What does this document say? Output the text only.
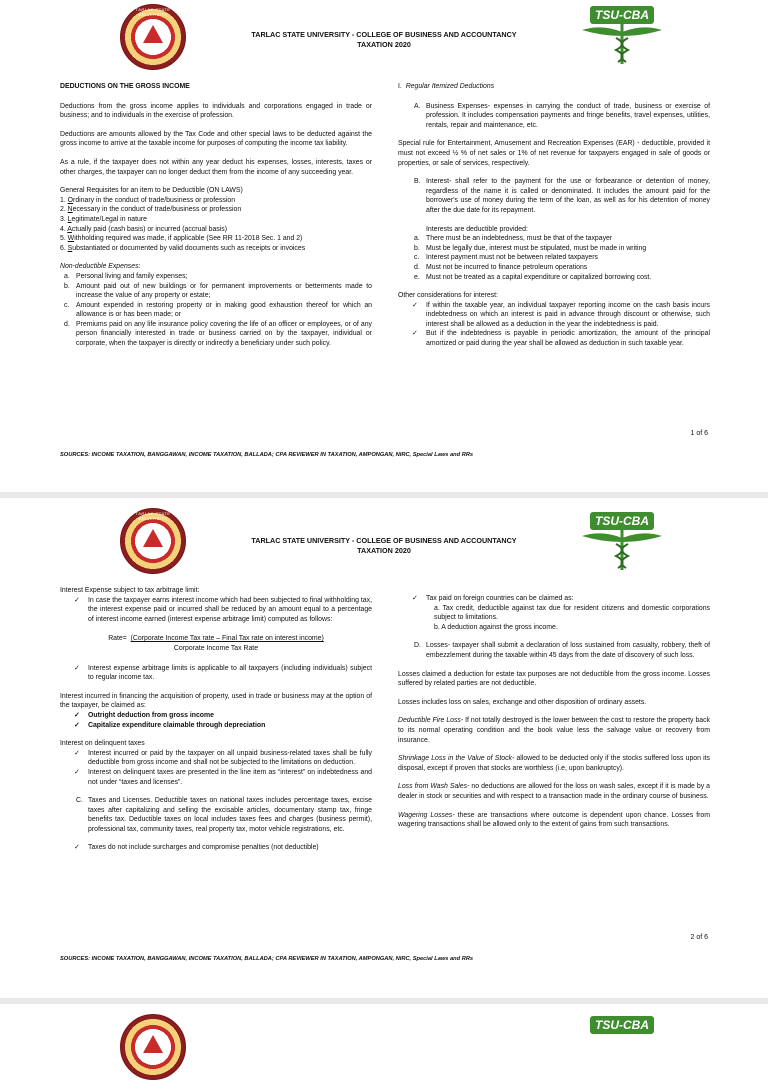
TARLAC STATE UNIVERSITY	TSU-CBA
TARLAC STATE UNIVERSITY - COLLEGE OF BUSINESS AND ACCOUNTANCY
TAXATION 2020

DEDUCTIONS ON THE GROSS INCOME

Deductions from the gross income applies to individuals and corporations engaged in trade or business; and to individuals in the exercise of profession.

Deductions are amounts allowed by the Tax Code and other special laws to be deducted against the gross income to arrive at the taxable income for purposes of computing the income tax liability.

As a rule, if the taxpayer does not within any year deduct his expenses, losses, interests, taxes or other charges, the taxpayer can no longer deduct them from the income of any succeeding year.

General Requisites for an item to be Deductible (ON LAWS)

1. Ordinary in the conduct of trade/business or profession
2. Necessary in the conduct of trade/business or profession
3. Legitimate/Legal in nature
4. Actually paid (cash basis) or incurred (accrual basis)
5. Withholding required was made, if applicable (See RR 11-2018 Sec. 1 and 2)
6. Substantiated or documented by valid documents such as receipts or invoices

Non-deductible Expenses:

a. Personal living and family expenses;
b. Amount paid out of new buildings or for permanent improvements or betterments made to increase the value of any property or estate;
c. Amount expended in restoring property or in making good exhaustion thereof for which an allowance is or has been made; or
d. Premiums paid on any life insurance policy covering the life of an officer or employees, or of any person financially interested in trade or business carried on by the taxpayer, individual or corporate, when the taxpayer is directly or indirectly a beneficiary under such policy.

I. Regular Itemized Deductions

A. Business Expenses- expenses in carrying the conduct of trade, business or exercise of profession. It includes compensation payments and fringe benefits, travel expenses, utilities, rentals, repair and maintenance, etc.

Special rule for Entertainment, Amusement and Recreation Expenses (EAR) - deductible, provided it must not exceed ½ % of net sales or 1% of net revenue for taxpayers engaged in sale of goods or properties, or sale of services, respectively.

B. Interest- shall refer to the payment for the use or forbearance or detention of money, regardless of the name it is called or denominated. It includes the amount paid for the borrower's use of money during the term of the loan, as well as for his detention of money after the due date for its repayment.

Interests are deductible provided:

a. There must be an indebtedness, must be that of the taxpayer
b. Must be legally due, interest must be stipulated, must be made in writing
c. Interest payment must not be between related taxpayers
d. Must not be incurred to finance petroleum operations
e. Must not be treated as a capital expenditure or capitalized borrowing cost.

Other considerations for interest:

✓ If within the taxable year, an individual taxpayer reporting income on the cash basis incurs indebtedness on which an interest is paid in advance through discount or otherwise, such interest shall be allowed as a deduction in the year the indebtedness is paid.
✓ But if the indebtedness is payable in periodic amortization, the amount of the principal amortized or paid during the year shall be allowed as deduction in such taxable year.
1 of 6
SOURCES: INCOME TAXATION, BANGGAWAN, INCOME TAXATION, BALLADA; CPA REVIEWER IN TAXATION, AMPONGAN, NIRC, Special Laws and RRs
TARLAC STATE UNIVERSITY	TSU-CBA
TARLAC STATE UNIVERSITY - COLLEGE OF BUSINESS AND ACCOUNTANCY
TAXATION 2020

Interest Expense subject to tax arbitrage limit:

✓ In case the taxpayer earns interest income which had been subjected to final withholding tax, the interest expense paid or incurred shall be reduced by an amount equal to a percentage of interest income earned (interest expense arbitrage limit) computed as follows:
Rate= (Corporate Income Tax rate – Final Tax rate on interest income)
Corporate Income Tax Rate
✓ Interest expense arbitrage limits is applicable to all taxpayers (including individuals) subject to regular income tax.

Interest incurred in financing the acquisition of property, used in trade or business may at the option of the taxpayer, be claimed as:

✓ Outright deduction from gross income
✓ Capitalize expenditure claimable through depreciation

Interest on delinquent taxes

✓ Interest incurred or paid by the taxpayer on all unpaid business-related taxes shall be fully deductible from gross income and shall not be subjected to the limitations on deduction.
✓ Interest on delinquent taxes are presented in the line item as “interest” on indebtedness and not under “taxes and licenses”.
C. Taxes and Licenses. Deductible taxes on national taxes includes percentage taxes, excise taxes after capitalizing and selling the excisable articles, documentary stamp tax, fringe benefits tax. Deductible taxes on local includes taxes fees and charges (business permit), professional tax, community taxes, real property tax, motor vehicle registrations, etc.
✓ Taxes do not include surcharges and compromise penalties (not deductible)
✓ Tax paid on foreign countries can be claimed as:

a. Tax credit, deductible against tax due for resident citizens and domestic corporations subject to limitations.

b. A deduction against the gross income.

D. Losses- taxpayer shall submit a declaration of loss sustained from casualty, robbery, theft of embezzlement during the taxable within 45 days from the date of discovery of such loss.

Losses claimed a deduction for estate tax purposes are not deductible from the gross income. Losses suffered by related parties are not deductible.

Losses includes loss on sales, exchange and other disposition of ordinary assets.

Deductible Fire Loss- If not totally destroyed is the lower between the cost to restore the property back to its normal operating condition and the book value less the salvage value or recovery from insurance.

Shrinkage Loss in the Value of Stock- allowed to be deducted only if the stocks suffered loss upon its disposal, except if proven that stocks are worthless (i.e, upon bankruptcy).

Loss from Wash Sales- no deductions are allowed for the loss on wash sales, except if it is made by a dealer in stock or securities and with respect to a transaction made in the ordinary course of business.

Wagering Losses- these are transactions where outcome is dependent upon chance. Losses from wagering transactions shall be allowed only to the extent of gains from such transactions.

2 of 6
SOURCES: INCOME TAXATION, BANGGAWAN, INCOME TAXATION, BALLADA; CPA REVIEWER IN TAXATION, AMPONGAN, NIRC, Special Laws and RRs
TSU-CBA
